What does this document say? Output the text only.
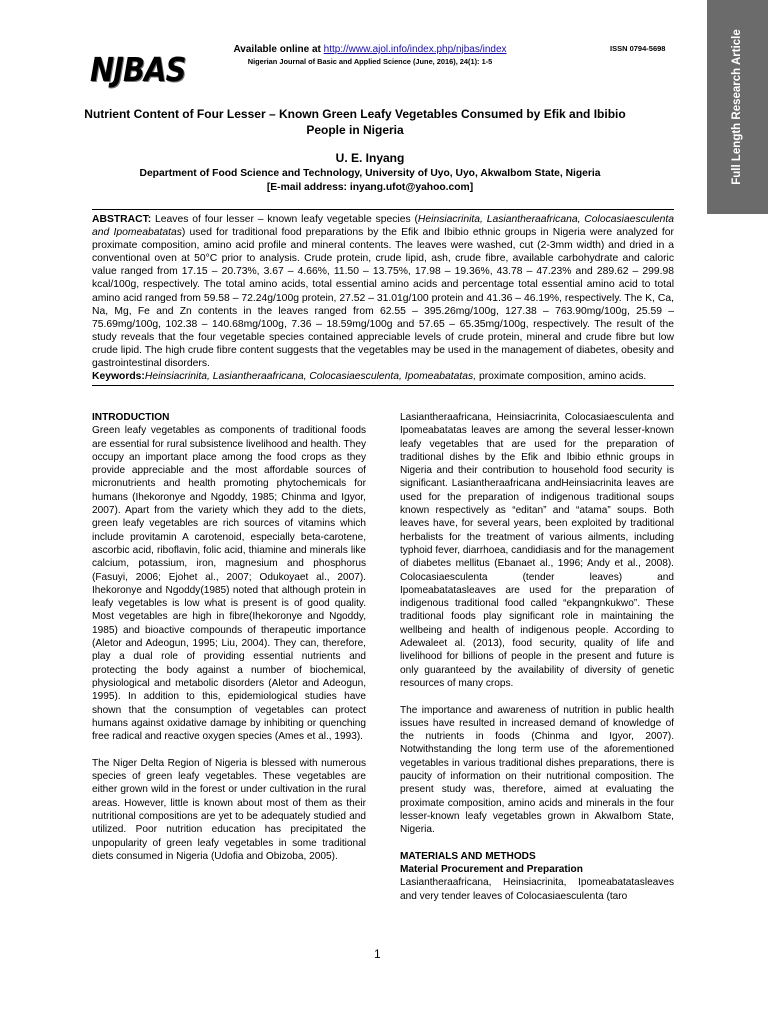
NJBAS
Available online at http://www.ajol.info/index.php/njbas/index
Nigerian Journal of Basic and Applied Science (June, 2016), 24(1): 1-5
ISSN 0794-5698	Full Length Research Article
Nutrient Content of Four Lesser – Known Green Leafy Vegetables Consumed by Efik and Ibibio People in Nigeria
U. E. Inyang
Department of Food Science and Technology, University of Uyo, Uyo, AkwaIbom State, Nigeria
[E-mail address: inyang.ufot@yahoo.com]
ABSTRACT: Leaves of four lesser – known leafy vegetable species (Heinsiacrinita, Lasiantheraafricana, Colocasiaesculenta and Ipomeabatatas) used for traditional food preparations by the Efik and Ibibio ethnic groups in Nigeria were analyzed for proximate composition, amino acid profile and mineral contents. The leaves were washed, cut (2-3mm width) and dried in a conventional oven at 50°C prior to analysis. Crude protein, crude lipid, ash, crude fibre, available carbohydrate and caloric value ranged from 17.15 – 20.73%, 3.67 – 4.66%, 11.50 – 13.75%, 17.98 – 19.36%, 43.78 – 47.23% and 289.62 – 299.98 kcal/100g, respectively. The total amino acids, total essential amino acids and percentage total essential amino acid to total amino acid ranged from 59.58 – 72.24g/100g protein, 27.52 – 31.01g/100 protein and 41.36 – 46.19%, respectively. The K, Ca, Na, Mg, Fe and Zn contents in the leaves ranged from 62.55 – 395.26mg/100g, 127.38 – 763.90mg/100g, 25.59 – 75.69mg/100g, 102.38 – 140.68mg/100g, 7.36 – 18.59mg/100g and 57.65 – 65.35mg/100g, respectively. The result of the study reveals that the four vegetable species contained appreciable levels of crude protein, mineral and crude fibre but low crude lipid. The high crude fibre content suggests that the vegetables may be used in the management of diabetes, obesity and gastrointestinal disorders.
Keywords:Heinsiacrinita, Lasiantheraafricana, Colocasiaesculenta, Ipomeabatatas, proximate composition, amino acids.

INTRODUCTION

Green leafy vegetables as components of traditional foods are essential for rural subsistence livelihood and health. They occupy an important place among the food crops as they provide appreciable and the most affordable sources of micronutrients and health promoting phytochemicals for humans (Ihekoronye and Ngoddy, 1985; Chinma and Igyor, 2007). Apart from the variety which they add to the diets, green leafy vegetables are rich sources of vitamins which include provitamin A carotenoid, especially beta-carotene, ascorbic acid, riboflavin, folic acid, thiamine and minerals like calcium, potassium, iron, magnesium and phosphorus (Fasuyi, 2006; Ejohet al., 2007; Odukoyaet al., 2007). Ihekoronye and Ngoddy(1985) noted that although protein in leafy vegetables is low what is present is of good quality. Most vegetables are high in fibre(Ihekoronye and Ngoddy, 1985) and bioactive compounds of therapeutic importance (Aletor and Adeogun, 1995; Liu, 2004). They can, therefore, play a dual role of providing essential nutrients and protecting the body against a number of biochemical, physiological and metabolic disorders (Aletor and Adeogun, 1995). In addition to this, epidemiological studies have shown that the consumption of vegetables can protect humans against oxidative damage by inhibiting or quenching free radical and reactive oxygen species (Ames et al., 1993).

The Niger Delta Region of Nigeria is blessed with numerous species of green leafy vegetables. These vegetables are either grown wild in the forest or under cultivation in the rural areas. However, little is known about most of them as their nutritional compositions are yet to be adequately studied and utilized. Poor nutrition education has precipitated the unpopularity of green leafy vegetables in some traditional diets consumed in Nigeria (Udofia and Obizoba, 2005).

Lasiantheraafricana, Heinsiacrinita, Colocasiaesculenta and Ipomeabatatas leaves are among the several lesser-known leafy vegetables that are used for the preparation of traditional dishes by the Efik and Ibibio ethnic groups in Nigeria and their contribution to household food security is significant. Lasiantheraafricana andHeinsiacrinita leaves are used for the preparation of indigenous traditional soups known respectively as “editan” and “atama” soups. Both leaves have, for several years, been exploited by traditional herbalists for the treatment of various ailments, including typhoid fever, diarrhoea, candidiasis and for the management of diabetes mellitus (Ebanaet al., 1996; Andy et al., 2008). Colocasiaesculenta (tender leaves) and Ipomeabatatasleaves are used for the preparation of indigenous traditional food called “ekpangnkukwo”. These traditional foods play significant role in maintaining the wellbeing and health of indigenous people. According to Adewaleet al. (2013), food security, quality of life and livelihood for billions of people in the present and future is only guaranteed by the availability of diversity of genetic resources of many crops.

The importance and awareness of nutrition in public health issues have resulted in increased demand of knowledge of the nutrients in foods (Chinma and Igyor, 2007). Notwithstanding the long term use of the aforementioned vegetables in various traditional dishes preparations, there is paucity of information on their nutritional composition. The present study was, therefore, aimed at evaluating the proximate composition, amino acids and minerals in the four lesser-known leafy vegetables grown in AkwaIbom State, Nigeria.

MATERIALS AND METHODS

Material Procurement and Preparation

Lasiantheraafricana, Heinsiacrinita, Ipomeabatatasleaves and very tender leaves of Colocasiaesculenta (taro

1
